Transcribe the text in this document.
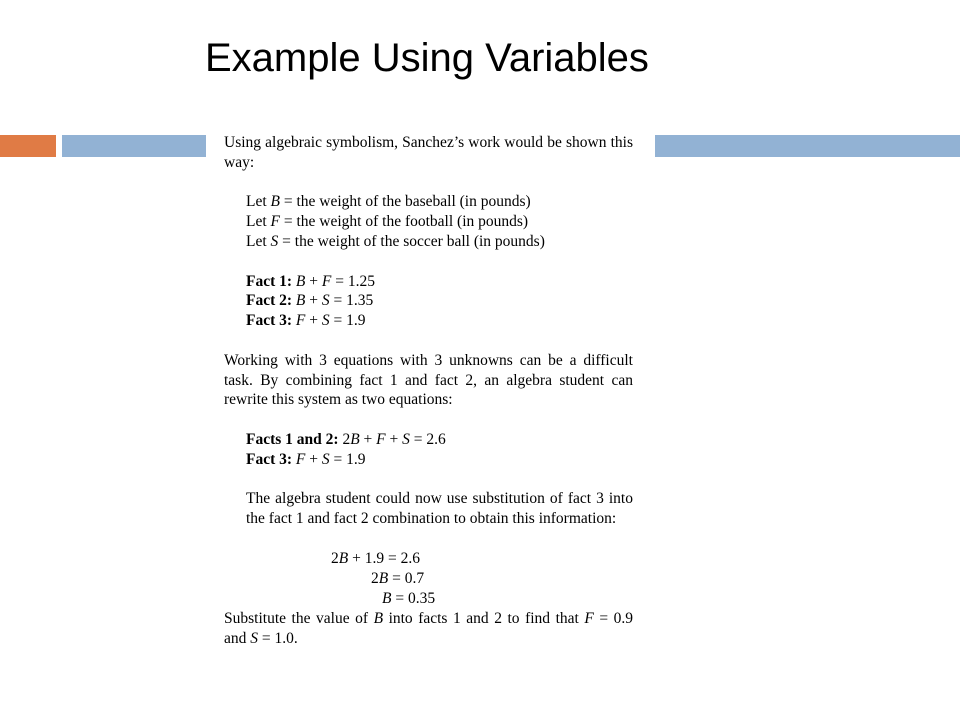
Example Using Variables

Using algebraic symbolism, Sanchez’s work would be shown this way:

Let B = the weight of the baseball (in pounds)
Let F = the weight of the football (in pounds)
Let S = the weight of the soccer ball (in pounds)
Fact 1: B + F = 1.25
Fact 2: B + S = 1.35
Fact 3: F + S = 1.9

Working with 3 equations with 3 unknowns can be a difficult task. By combining fact 1 and fact 2, an algebra student can rewrite this system as two equations:

Facts 1 and 2: 2B + F + S = 2.6
Fact 3: F + S = 1.9

The algebra student could now use substitution of fact 3 into the fact 1 and fact 2 combination to obtain this information:

2B + 1.9 = 2.6
2B = 0.7
B = 0.35

Substitute the value of B into facts 1 and 2 to find that F = 0.9 and S = 1.0.
